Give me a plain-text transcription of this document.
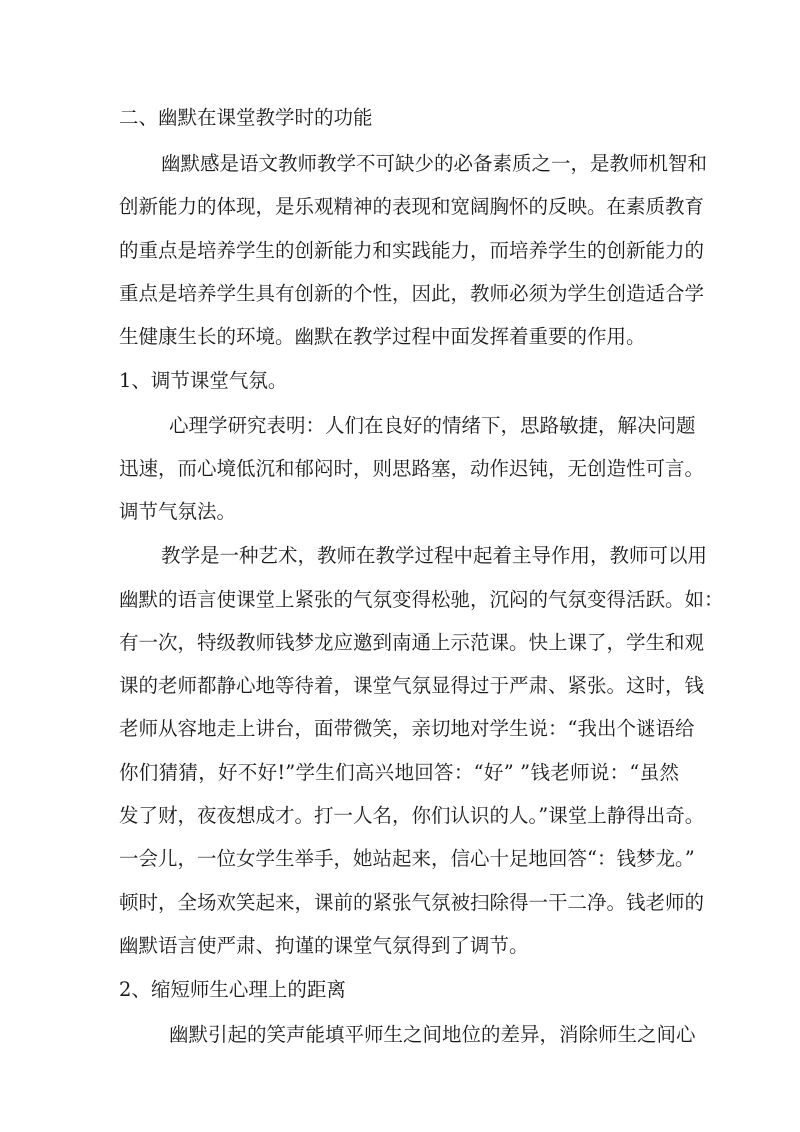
二、幽默在课堂教学时的功能
幽默感是语文教师教学不可缺少的必备素质之一，是教师机智和
创新能力的体现，是乐观精神的表现和宽阔胸怀的反映。在素质教育
的重点是培养学生的创新能力和实践能力，而培养学生的创新能力的
重点是培养学生具有创新的个性，因此，教师必须为学生创造适合学
生健康生长的环境。幽默在教学过程中面发挥着重要的作用。
1、调节课堂气氛。
心理学研究表明：人们在良好的情绪下，思路敏捷，解决问题
迅速，而心境低沉和郁闷时，则思路塞，动作迟钝，无创造性可言。
调节气氛法。
教学是一种艺术，教师在教学过程中起着主导作用，教师可以用
幽默的语言使课堂上紧张的气氛变得松驰，沉闷的气氛变得活跃。如：
有一次，特级教师钱梦龙应邀到南通上示范课。快上课了，学生和观
课的老师都静心地等待着，课堂气氛显得过于严肃、紧张。这时，钱
老师从容地走上讲台，面带微笑，亲切地对学生说：“我出个谜语给
你们猜猜，好不好!”学生们高兴地回答：“好” ”钱老师说：“虽然
发了财，夜夜想成才。打一人名，你们认识的人。”课堂上静得出奇。
一会儿，一位女学生举手，她站起来，信心十足地回答“：钱梦龙。”
顿时，全场欢笑起来，课前的紧张气氛被扫除得一干二净。钱老师的
幽默语言使严肃、拘谨的课堂气氛得到了调节。
2、缩短师生心理上的距离
幽默引起的笑声能填平师生之间地位的差异，消除师生之间心
